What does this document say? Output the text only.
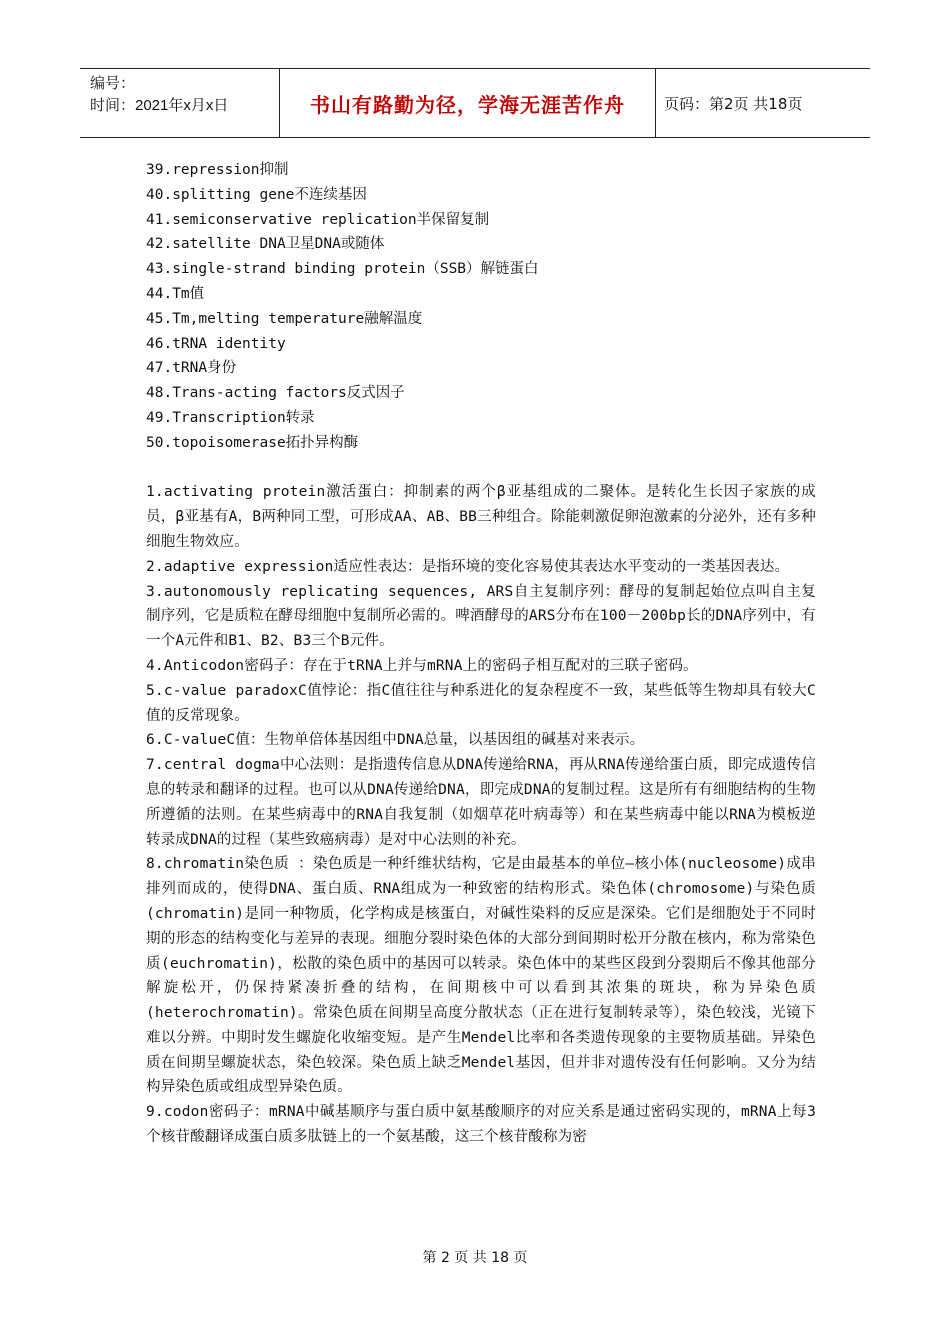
编号：
时间：2021年x月x日	书山有路勤为径，学海无涯苦作舟	页码：第2页 共18页
39.repression抑制
40.splitting gene不连续基因
41.semiconservative replication半保留复制
42.satellite DNA卫星DNA或随体
43.single-strand binding protein（SSB）解链蛋白
44.Tm值
45.Tm,melting temperature融解温度
46.tRNA identity
47.tRNA身份
48.Trans-acting factors反式因子
49.Transcription转录
50.topoisomerase拓扑异构酶
1.activating protein激活蛋白：抑制素的两个β亚基组成的二聚体。是转化生长因子家族的成员，β亚基有A，B两种同工型，可形成AA、AB、BB三种组合。除能刺激促卵泡激素的分泌外，还有多种细胞生物效应。
2.adaptive expression适应性表达：是指环境的变化容易使其表达水平变动的一类基因表达。
3.autonomously replicating sequences, ARS自主复制序列：酵母的复制起始位点叫自主复制序列，它是质粒在酵母细胞中复制所必需的。啤酒酵母的ARS分布在100－200bp长的DNA序列中，有一个A元件和B1、B2、B3三个B元件。
4.Anticodon密码子：存在于tRNA上并与mRNA上的密码子相互配对的三联子密码。
5.c-value paradoxC值悖论：指C值往往与种系进化的复杂程度不一致，某些低等生物却具有较大C值的反常现象。
6.C-valueC值：生物单倍体基因组中DNA总量，以基因组的碱基对来表示。
7.central dogma中心法则：是指遗传信息从DNA传递给RNA，再从RNA传递给蛋白质，即完成遗传信息的转录和翻译的过程。也可以从DNA传递给DNA，即完成DNA的复制过程。这是所有有细胞结构的生物所遵循的法则。在某些病毒中的RNA自我复制（如烟草花叶病毒等）和在某些病毒中能以RNA为模板逆转录成DNA的过程（某些致癌病毒）是对中心法则的补充。
8.chromatin染色质 ：染色质是一种纤维状结构，它是由最基本的单位—核小体(nucleosome)成串排列而成的，使得DNA、蛋白质、RNA组成为一种致密的结构形式。染色体(chromosome)与染色质 (chromatin)是同一种物质，化学构成是核蛋白，对碱性染料的反应是深染。它们是细胞处于不同时期的形态的结构变化与差异的表现。细胞分裂时染色体的大部分到间期时松开分散在核内，称为常染色质(euchromatin)，松散的染色质中的基因可以转录。染色体中的某些区段到分裂期后不像其他部分解旋松开，仍保持紧凑折叠的结构，在间期核中可以看到其浓集的斑块，称为异染色质(heterochromatin)。常染色质在间期呈高度分散状态（正在进行复制转录等），染色较浅，光镜下难以分辨。中期时发生螺旋化收缩变短。是产生Mendel比率和各类遗传现象的主要物质基础。异染色质在间期呈螺旋状态，染色较深。染色质上缺乏Mendel基因，但并非对遗传没有任何影响。又分为结构异染色质或组成型异染色质。
9.codon密码子：mRNA中碱基顺序与蛋白质中氨基酸顺序的对应关系是通过密码实现的，mRNA上每3个核苷酸翻译成蛋白质多肽链上的一个氨基酸，这三个核苷酸称为密
第 2 页 共 18 页
